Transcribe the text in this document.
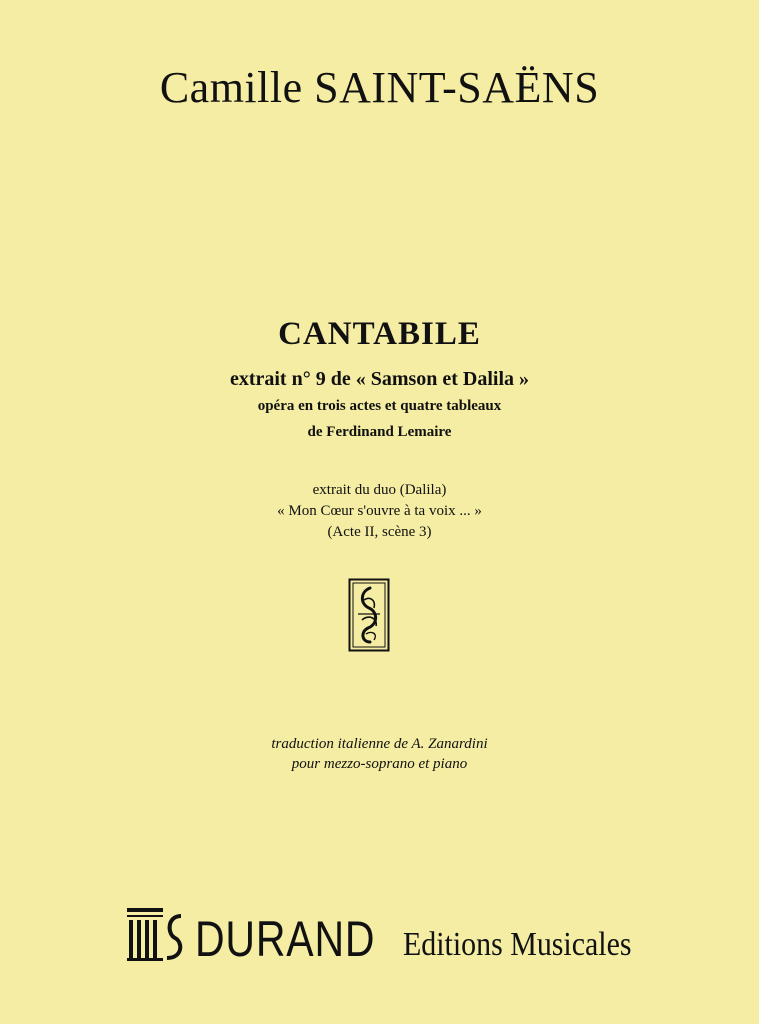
Camille SAINT-SAËNS
CANTABILE
extrait n° 9 de « Samson et Dalila »
opéra en trois actes et quatre tableaux
de Ferdinand Lemaire
extrait du duo (Dalila)
« Mon Cœur s'ouvre à ta voix ... »
(Acte II, scène 3)
traduction italienne de A. Zanardini
pour mezzo-soprano et piano
DURAND Editions Musicales
